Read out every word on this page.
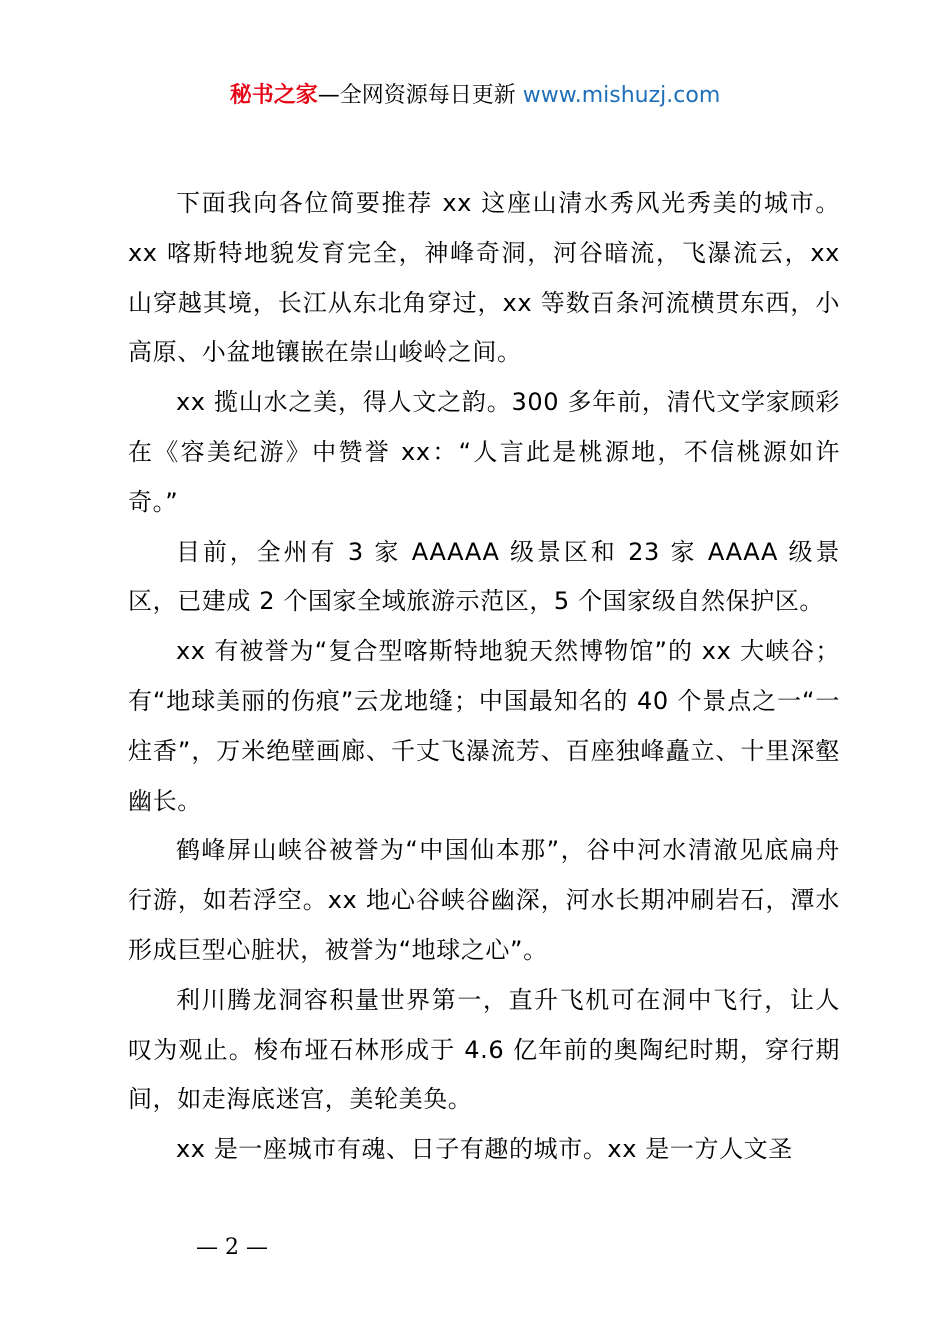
秘书之家—全网资源每日更新 www.mishuzj.com

下面我向各位简要推荐 xx 这座山清水秀风光秀美的城市。xx 喀斯特地貌发育完全，神峰奇洞，河谷暗流，飞瀑流云，xx 山穿越其境，长江从东北角穿过，xx 等数百条河流横贯东西，小高原、小盆地镶嵌在崇山峻岭之间。

xx 揽山水之美，得人文之韵。300 多年前，清代文学家顾彩在《容美纪游》中赞誉 xx：“人言此是桃源地，不信桃源如许奇。”

目前，全州有 3 家 AAAAA 级景区和 23 家 AAAA 级景区，已建成 2 个国家全域旅游示范区，5 个国家级自然保护区。

xx 有被誉为“复合型喀斯特地貌天然博物馆”的 xx 大峡谷；有“地球美丽的伤痕”云龙地缝；中国最知名的 40 个景点之一“一炷香”，万米绝壁画廊、千丈飞瀑流芳、百座独峰矗立、十里深壑幽长。

鹤峰屏山峡谷被誉为“中国仙本那”，谷中河水清澈见底扁舟行游，如若浮空。xx 地心谷峡谷幽深，河水长期冲刷岩石，潭水形成巨型心脏状，被誉为“地球之心”。

利川腾龙洞容积量世界第一，直升飞机可在洞中飞行，让人叹为观止。梭布垭石林形成于 4.6 亿年前的奥陶纪时期，穿行期间，如走海底迷宫，美轮美奂。

xx 是一座城市有魂、日子有趣的城市。xx 是一方人文圣

— 2 —
